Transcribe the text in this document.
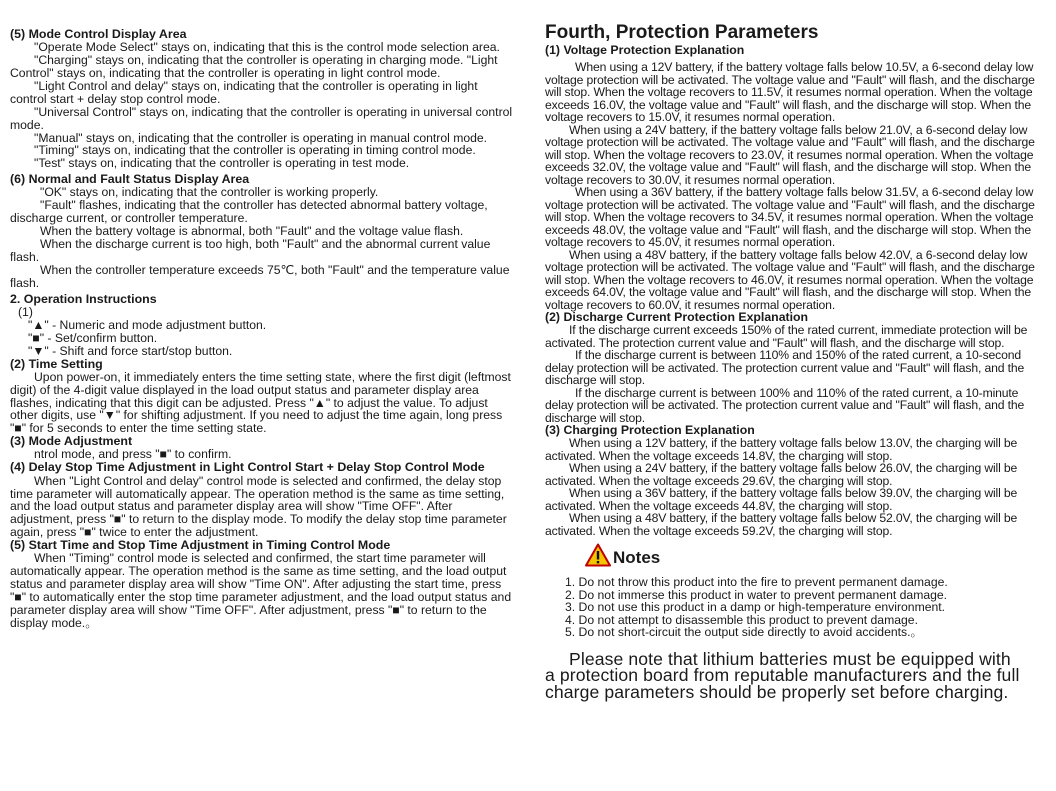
(5) Mode Control Display Area

"Operate Mode Select" stays on, indicating that this is the control mode selection area.

"Charging" stays on, indicating that the controller is operating in charging mode. "Light Control" stays on, indicating that the controller is operating in light control mode.

"Light Control and delay" stays on, indicating that the controller is operating in light control start + delay stop control mode.

"Universal Control" stays on, indicating that the controller is operating in universal control mode.

"Manual" stays on, indicating that the controller is operating in manual control mode.

"Timing" stays on, indicating that the controller is operating in timing control mode.

"Test" stays on, indicating that the controller is operating in test mode.

(6) Normal and Fault Status Display Area

"OK" stays on, indicating that the controller is working properly.

"Fault" flashes, indicating that the controller has detected abnormal battery voltage, discharge current, or controller temperature.

When the battery voltage is abnormal, both "Fault" and the voltage value flash.

When the discharge current is too high, both "Fault" and the abnormal current value flash.

When the controller temperature exceeds 75℃, both "Fault" and the temperature value flash.

2. Operation Instructions

(1)

"▲" - Numeric and mode adjustment button.

"■" - Set/confirm button.

"▼" - Shift and force start/stop button.

(2) Time Setting

Upon power-on, it immediately enters the time setting state, where the first digit (leftmost digit) of the 4-digit value displayed in the load output status and parameter display area flashes, indicating that this digit can be adjusted. Press "▲" to adjust the value. To adjust other digits, use "▼" for shifting adjustment. If you need to adjust the time again, long press "■" for 5 seconds to enter the time setting state.

(3) Mode Adjustment

ntrol mode, and press "■" to confirm.

(4) Delay Stop Time Adjustment in Light Control Start + Delay Stop Control Mode

When "Light Control and delay" control mode is selected and confirmed, the delay stop time parameter will automatically appear. The operation method is the same as time setting, and the load output status and parameter display area will show "Time OFF". After adjustment, press "■" to return to the display mode. To modify the delay stop time parameter again, press "■" twice to enter the adjustment.

(5) Start Time and Stop Time Adjustment in Timing Control Mode

When "Timing" control mode is selected and confirmed, the start time parameter will automatically appear. The operation method is the same as time setting, and the load output status and parameter display area will show "Time ON". After adjusting the start time, press "■" to automatically enter the stop time parameter adjustment, and the load output status and parameter display area will show "Time OFF". After adjustment, press "■" to return to the display mode.。

Fourth, Protection Parameters

(1) Voltage Protection Explanation

When using a 12V battery, if the battery voltage falls below 10.5V, a 6-second delay low voltage protection will be activated. The voltage value and "Fault" will flash, and the discharge will stop. When the voltage recovers to 11.5V, it resumes normal operation. When the voltage exceeds 16.0V, the voltage value and "Fault" will flash, and the discharge will stop. When the voltage recovers to 15.0V, it resumes normal operation.

When using a 24V battery, if the battery voltage falls below 21.0V, a 6-second delay low voltage protection will be activated. The voltage value and "Fault" will flash, and the discharge will stop. When the voltage recovers to 23.0V, it resumes normal operation. When the voltage exceeds 32.0V, the voltage value and "Fault" will flash, and the discharge will stop. When the voltage recovers to 30.0V, it resumes normal operation.

When using a 36V battery, if the battery voltage falls below 31.5V, a 6-second delay low voltage protection will be activated. The voltage value and "Fault" will flash, and the discharge will stop. When the voltage recovers to 34.5V, it resumes normal operation. When the voltage exceeds 48.0V, the voltage value and "Fault" will flash, and the discharge will stop. When the voltage recovers to 45.0V, it resumes normal operation.

When using a 48V battery, if the battery voltage falls below 42.0V, a 6-second delay low voltage protection will be activated. The voltage value and "Fault" will flash, and the discharge will stop. When the voltage recovers to 46.0V, it resumes normal operation. When the voltage exceeds 64.0V, the voltage value and "Fault" will flash, and the discharge will stop. When the voltage recovers to 60.0V, it resumes normal operation.

(2) Discharge Current Protection Explanation

If the discharge current exceeds 150% of the rated current, immediate protection will be activated. The protection current value and "Fault" will flash, and the discharge will stop.

If the discharge current is between 110% and 150% of the rated current, a 10-second delay protection will be activated. The protection current value and "Fault" will flash, and the discharge will stop.

If the discharge current is between 100% and 110% of the rated current, a 10-minute delay protection will be activated. The protection current value and "Fault" will flash, and the discharge will stop.

(3) Charging Protection Explanation

When using a 12V battery, if the battery voltage falls below 13.0V, the charging will be activated. When the voltage exceeds 14.8V, the charging will stop.

When using a 24V battery, if the battery voltage falls below 26.0V, the charging will be activated. When the voltage exceeds 29.6V, the charging will stop.

When using a 36V battery, if the battery voltage falls below 39.0V, the charging will be activated. When the voltage exceeds 44.8V, the charging will stop.

When using a 48V battery, if the battery voltage falls below 52.0V, the charging will be activated. When the voltage exceeds 59.2V, the charging will stop.

Notes
1. Do not throw this product into the fire to prevent permanent damage.
2. Do not immerse this product in water to prevent permanent damage.
3. Do not use this product in a damp or high-temperature environment.
4. Do not attempt to disassemble this product to prevent damage.
5. Do not short-circuit the output side directly to avoid accidents.。
Please note that lithium batteries must be equipped with
a protection board from reputable manufacturers and the full
charge parameters should be properly set before charging.
